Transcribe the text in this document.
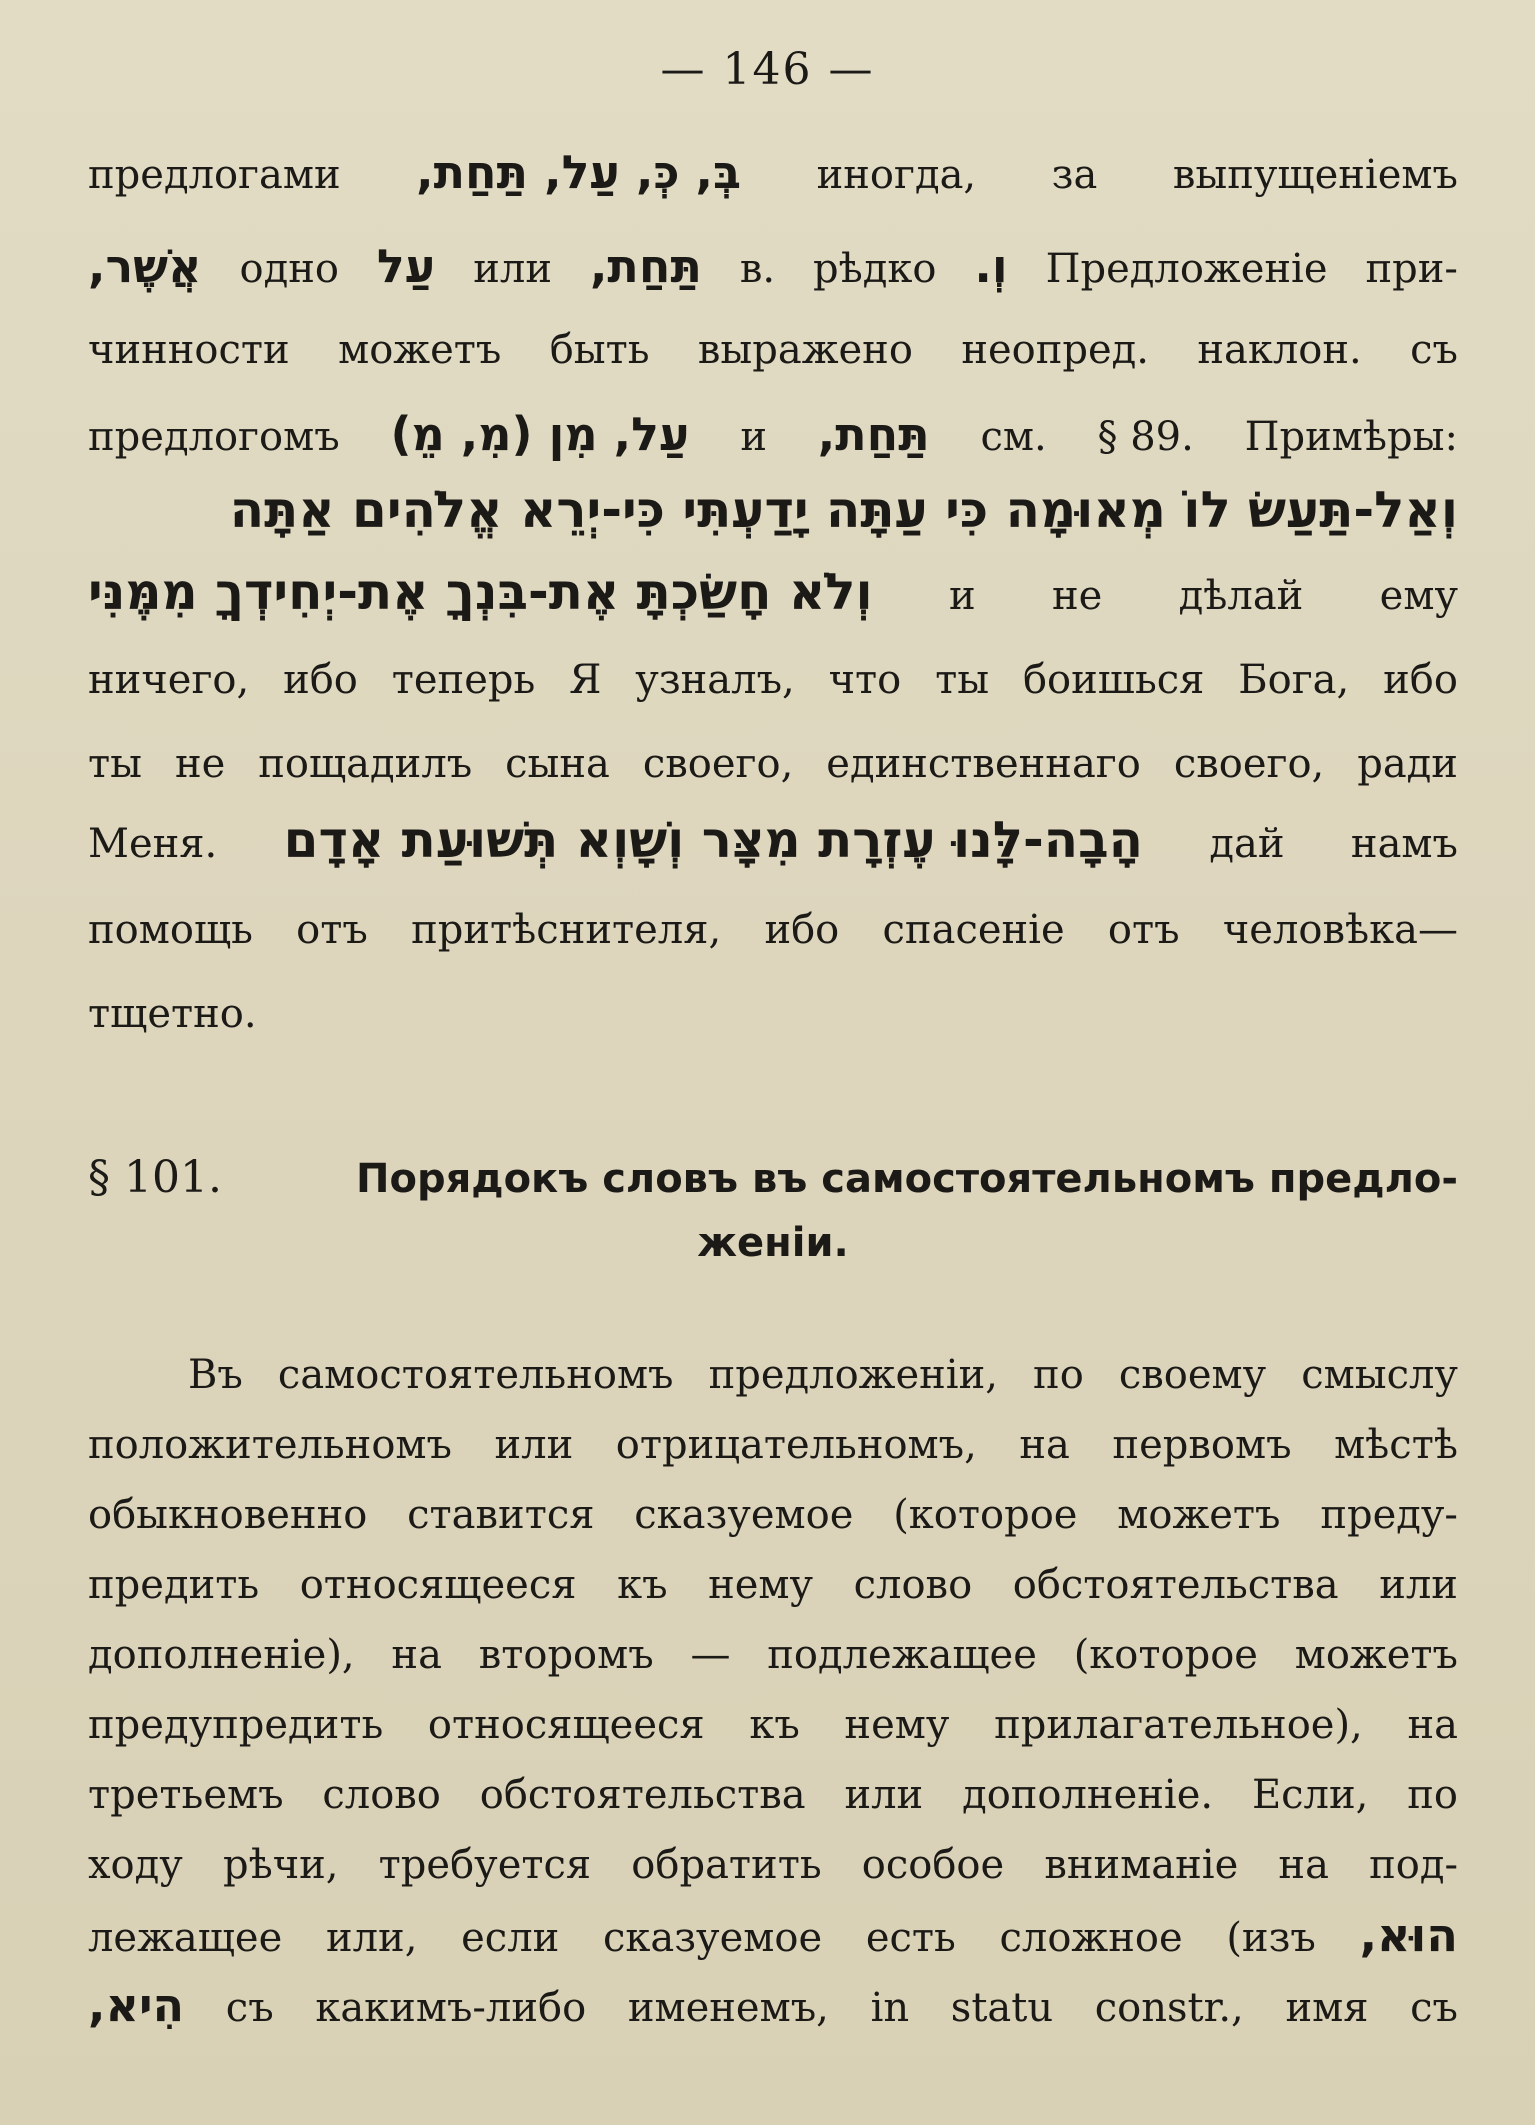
— 146 —
предлогами בְּ, כְּ, עַל, תַּחַת, иногда, за выпущеніемъ
אֲשֶׁר, одно עַל или תַּחַת, в. рѣдко וְ. Предложеніе при-
чинности можетъ быть выражено неопред. наклон. съ
предлогомъ עַל, מִן (מִ, מֵ) и תַּחַת, см. § 89. Примѣры:
וְאַל-תַּעַשׂ לוֹ מְאוּמָה כִּי עַתָּה יָדַעְתִּי כִּי-יְרֵא אֱלֹהִים אַתָּה
וְלֹא חָשַׂכְתָּ אֶת-בִּנְךָ אֶת-יְחִידְךָ מִמֶּנִּי и не дѣлай ему
ничего, ибо теперь Я узналъ, что ты боишься Бога, ибо
ты не пощадилъ сына своего, единственнаго своего, ради
Меня. הָבָה-לָּנוּ עֶזְרָת מִצָּר וְשָׁוְא תְּשׁוּעַת אָדָם дай намъ
помощь отъ притѣснителя, ибо спасеніе отъ человѣка—
тщетно.
§ 101.	Порядокъ словъ въ самостоятельномъ предло-
женіи.
Въ самостоятельномъ предложеніи, по своему смыслу
положительномъ или отрицательномъ, на первомъ мѣстѣ
обыкновенно ставится сказуемое (которое можетъ преду-
предить относящееся къ нему слово обстоятельства или
дополненіе), на второмъ — подлежащее (которое можетъ
предупредить относящееся къ нему прилагательное), на
третьемъ слово обстоятельства или дополненіе. Если, по
ходу рѣчи, требуется обратить особое вниманіе на под-
лежащее или, если сказуемое есть сложное (изъ הוּא,
הִיא, съ какимъ-либо именемъ, in statu constr., имя съ
